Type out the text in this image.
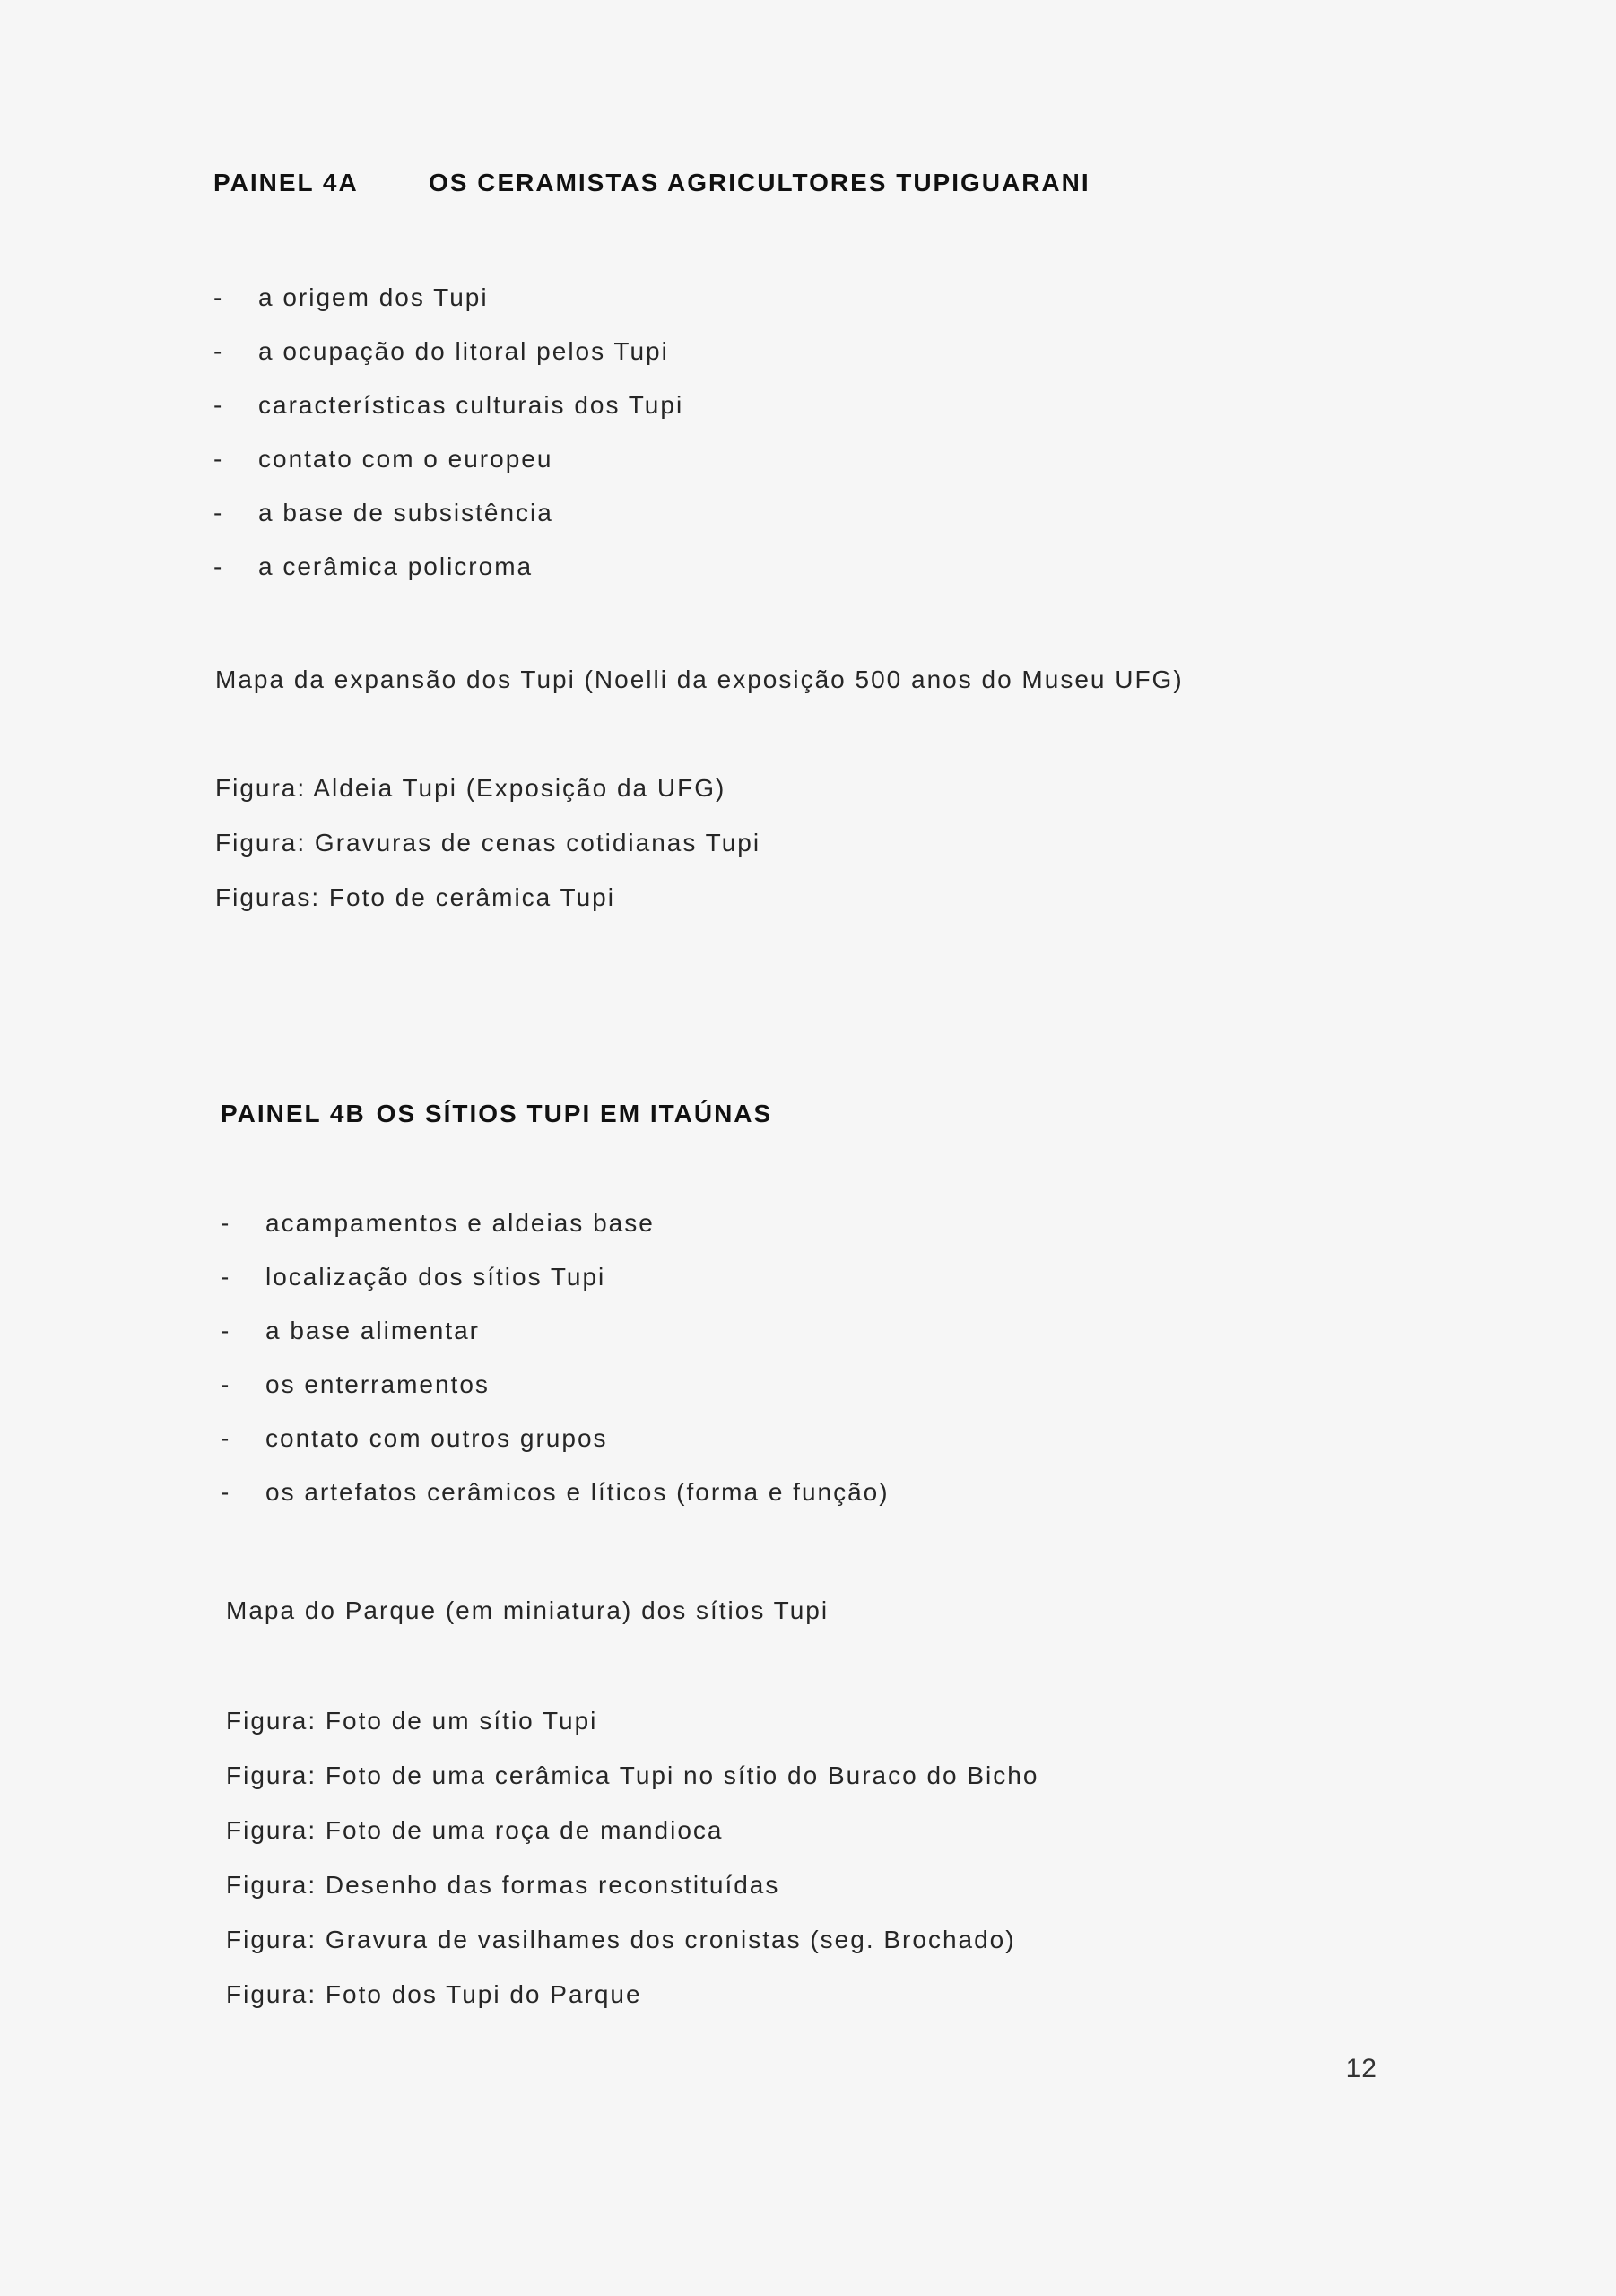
PAINEL 4A	OS CERAMISTAS AGRICULTORES TUPIGUARANI
- a origem dos Tupi
- a ocupação do litoral pelos Tupi
- características culturais dos Tupi
- contato com o europeu
- a base de subsistência
- a cerâmica policroma

Mapa da expansão dos Tupi (Noelli da exposição 500 anos do Museu UFG)

Figura: Aldeia Tupi (Exposição da UFG)
Figura: Gravuras de cenas cotidianas Tupi
Figuras: Foto de cerâmica Tupi
PAINEL 4B OS SÍTIOS TUPI EM ITAÚNAS
- acampamentos e aldeias base
- localização dos sítios Tupi
- a base alimentar
- os enterramentos
- contato com outros grupos
- os artefatos cerâmicos e líticos (forma e função)

Mapa do Parque (em miniatura) dos sítios Tupi

Figura: Foto de um sítio Tupi
Figura: Foto de uma cerâmica Tupi no sítio do Buraco do Bicho
Figura: Foto de uma roça de mandioca
Figura: Desenho das formas reconstituídas
Figura: Gravura de vasilhames dos cronistas (seg. Brochado)
Figura: Foto dos Tupi do Parque
12
